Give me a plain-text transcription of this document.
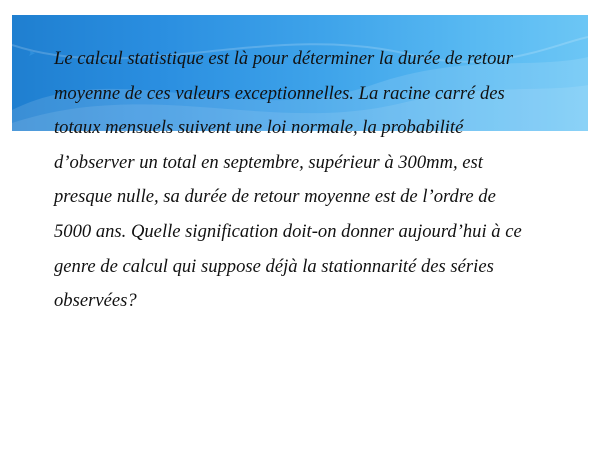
➤ Le calcul statistique est là pour déterminer la durée de retour
moyenne de ces valeurs exceptionnelles. La racine carré des
totaux mensuels suivent une loi normale, la probabilité
d’observer un total en septembre, supérieur à 300mm, est
presque nulle, sa durée de retour moyenne est de l’ordre de
5000 ans. Quelle signification doit-on donner aujourd’hui à ce
genre de calcul qui suppose déjà la stationnarité des séries
observées?
